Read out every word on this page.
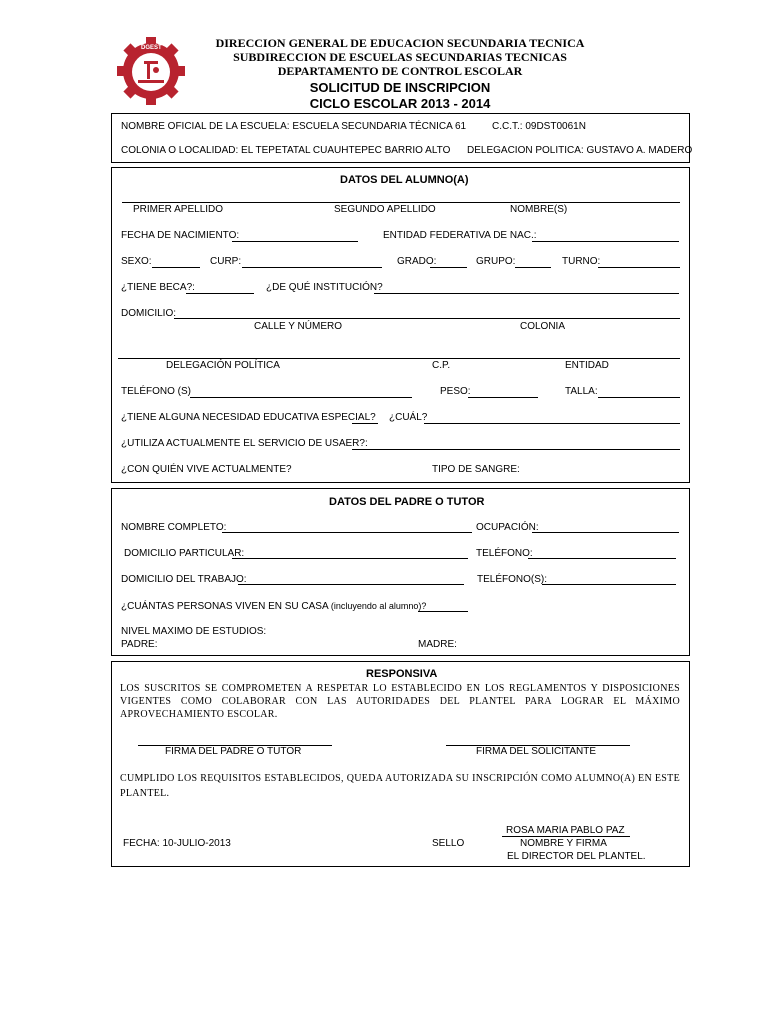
DGEST	DIRECCION GENERAL DE EDUCACION SECUNDARIA TECNICA
SUBDIRECCION DE ESCUELAS SECUNDARIAS TECNICAS
DEPARTAMENTO DE CONTROL ESCOLAR
SOLICITUD DE INSCRIPCION
CICLO ESCOLAR 2013 - 2014
NOMBRE OFICIAL DE LA ESCUELA: ESCUELA SECUNDARIA TÉCNICA 61	C.C.T.: 09DST0061N
COLONIA O LOCALIDAD: EL TEPETATAL CUAUHTEPEC BARRIO ALTO DELEGACION POLITICA: GUSTAVO A. MADERO
DATOS DEL ALUMNO(A)
PRIMER APELLIDO	SEGUNDO APELLIDO	NOMBRE(S)
FECHA DE NACIMIENTO:	ENTIDAD FEDERATIVA DE NAC.:
SEXO:	CURP:	GRADO:	GRUPO:	TURNO:
¿TIENE BECA?:	¿DE QUÉ INSTITUCIÓN?
DOMICILIO:
CALLE Y NÚMERO	COLONIA
DELEGACIÓN POLÍTICA	C.P.	ENTIDAD
TELÉFONO (S)	PESO:	TALLA:
¿TIENE ALGUNA NECESIDAD EDUCATIVA ESPECIAL? ¿CUÁL?
¿UTILIZA ACTUALMENTE EL SERVICIO DE USAER?:
¿CON QUIÉN VIVE ACTUALMENTE?	TIPO DE SANGRE:
DATOS DEL PADRE O TUTOR
NOMBRE COMPLETO:	OCUPACIÓN:
DOMICILIO PARTICULAR:	TELÉFONO:
DOMICILIO DEL TRABAJO:	TELÉFONO(S):
¿CUÁNTAS PERSONAS VIVEN EN SU CASA (incluyendo al alumno)?
NIVEL MAXIMO DE ESTUDIOS:
PADRE:	MADRE:
RESPONSIVA
LOS SUSCRITOS SE COMPROMETEN A RESPETAR LO ESTABLECIDO EN LOS REGLAMENTOS Y DISPOSICIONES VIGENTES COMO COLABORAR CON LAS AUTORIDADES DEL PLANTEL PARA LOGRAR EL MÁXIMO APROVECHAMIENTO ESCOLAR.
FIRMA DEL PADRE O TUTOR	FIRMA DEL SOLICITANTE
CUMPLIDO LOS REQUISITOS ESTABLECIDOS, QUEDA AUTORIZADA SU INSCRIPCIÓN COMO ALUMNO(A) EN ESTE PLANTEL.
FECHA: 10-JULIO-2013	SELLO
ROSA MARIA PABLO PAZ
NOMBRE Y FIRMA
EL DIRECTOR DEL PLANTEL.
